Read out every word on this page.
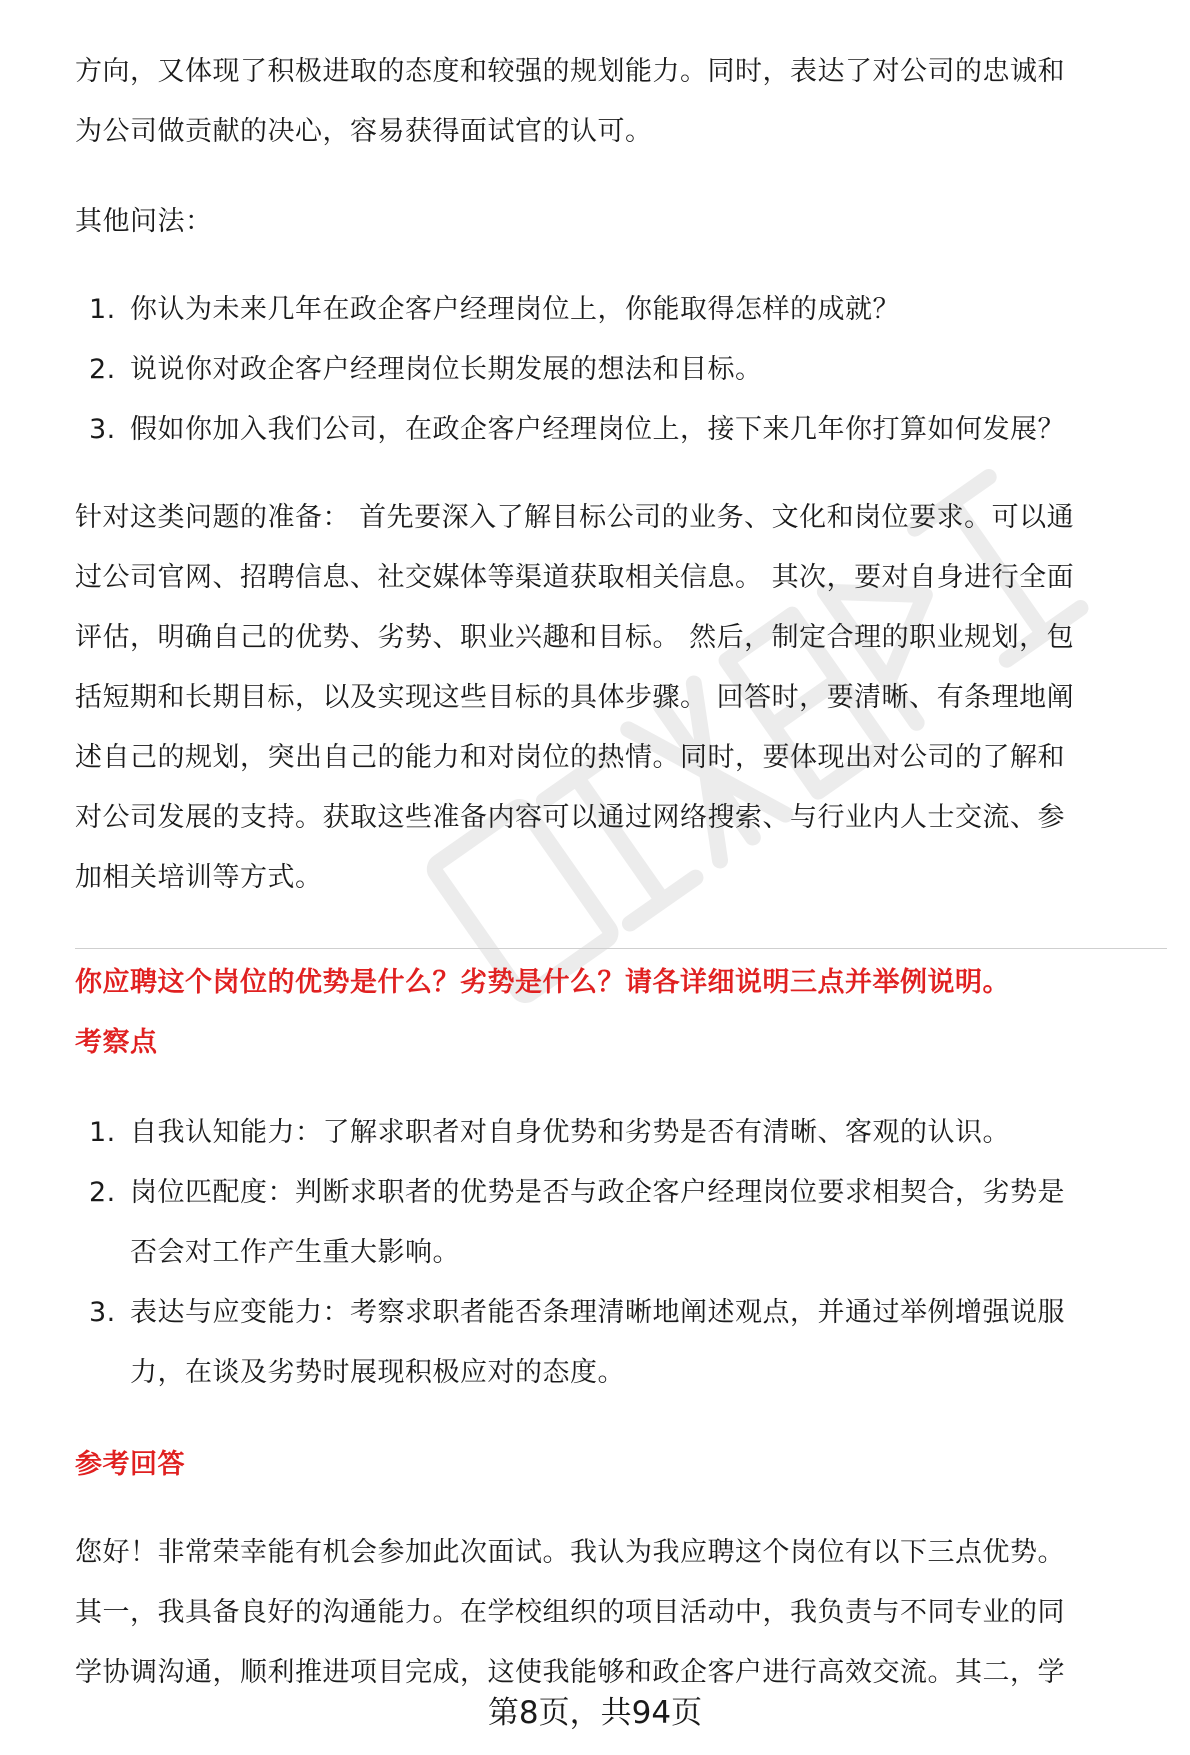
方向，又体现了积极进取的态度和较强的规划能力。同时，表达了对公司的忠诚和

为公司做贡献的决心，容易获得面试官的认可。

其他问法：

1. 你认为未来几年在政企客户经理岗位上，你能取得怎样的成就？
2. 说说你对政企客户经理岗位长期发展的想法和目标。
3. 假如你加入我们公司，在政企客户经理岗位上，接下来几年你打算如何发展？

针对这类问题的准备： 首先要深入了解目标公司的业务、文化和岗位要求。可以通

过公司官网、招聘信息、社交媒体等渠道获取相关信息。 其次，要对自身进行全面

评估，明确自己的优势、劣势、职业兴趣和目标。 然后，制定合理的职业规划，包

括短期和长期目标，以及实现这些目标的具体步骤。 回答时，要清晰、有条理地阐

述自己的规划，突出自己的能力和对岗位的热情。同时，要体现出对公司的了解和

对公司发展的支持。获取这些准备内容可以通过网络搜索、与行业内人士交流、参

加相关培训等方式。

你应聘这个岗位的优势是什么？劣势是什么？请各详细说明三点并举例说明。
考察点
1. 自我认知能力：了解求职者对自身优势和劣势是否有清晰、客观的认识。
2. 岗位匹配度：判断求职者的优势是否与政企客户经理岗位要求相契合，劣势是
否会对工作产生重大影响。
3. 表达与应变能力：考察求职者能否条理清晰地阐述观点，并通过举例增强说服
力，在谈及劣势时展现积极应对的态度。
参考回答

您好！非常荣幸能有机会参加此次面试。我认为我应聘这个岗位有以下三点优势。

其一，我具备良好的沟通能力。在学校组织的项目活动中，我负责与不同专业的同

学协调沟通，顺利推进项目完成，这使我能够和政企客户进行高效交流。其二，学

第8页，共94页
